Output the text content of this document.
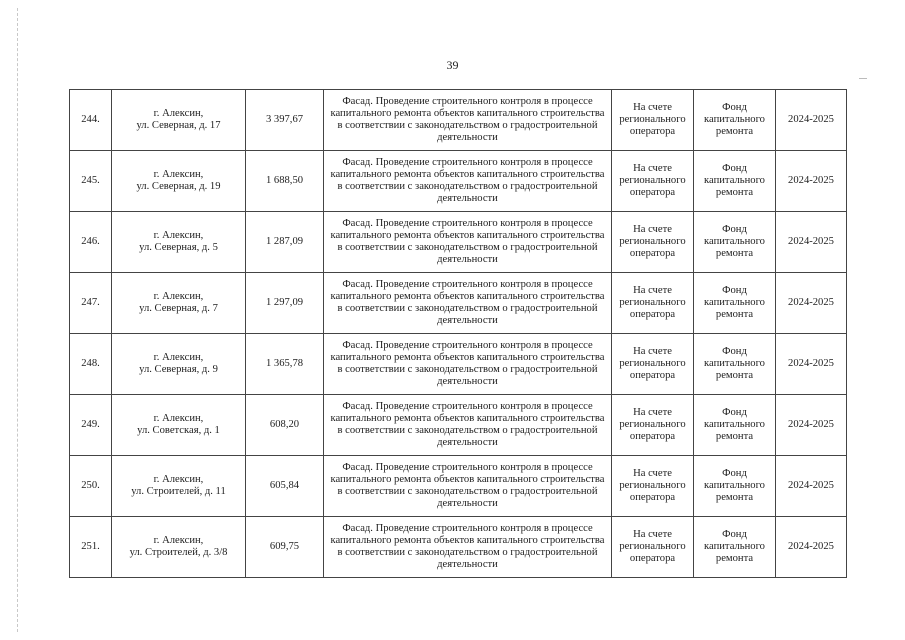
39
244.	г. Алексин,
ул. Северная, д. 17	3 397,67	Фасад. Проведение строительного контроля в процессе капитального ремонта объектов капитального строительства в соответствии с законодательством о градостроительной деятельности	На счете регионального оператора	Фонд капитального ремонта	2024-2025
245.	г. Алексин,
ул. Северная, д. 19	1 688,50	Фасад. Проведение строительного контроля в процессе капитального ремонта объектов капитального строительства в соответствии с законодательством о градостроительной деятельности	На счете регионального оператора	Фонд капитального ремонта	2024-2025
246.	г. Алексин,
ул. Северная, д. 5	1 287,09	Фасад. Проведение строительного контроля в процессе капитального ремонта объектов капитального строительства в соответствии с законодательством о градостроительной деятельности	На счете регионального оператора	Фонд капитального ремонта	2024-2025
247.	г. Алексин,
ул. Северная, д. 7	1 297,09	Фасад. Проведение строительного контроля в процессе капитального ремонта объектов капитального строительства в соответствии с законодательством о градостроительной деятельности	На счете регионального оператора	Фонд капитального ремонта	2024-2025
248.	г. Алексин,
ул. Северная, д. 9	1 365,78	Фасад. Проведение строительного контроля в процессе капитального ремонта объектов капитального строительства в соответствии с законодательством о градостроительной деятельности	На счете регионального оператора	Фонд капитального ремонта	2024-2025
249.	г. Алексин,
ул. Советская, д. 1	608,20	Фасад. Проведение строительного контроля в процессе капитального ремонта объектов капитального строительства в соответствии с законодательством о градостроительной деятельности	На счете регионального оператора	Фонд капитального ремонта	2024-2025
250.	г. Алексин,
ул. Строителей, д. 11	605,84	Фасад. Проведение строительного контроля в процессе капитального ремонта объектов капитального строительства в соответствии с законодательством о градостроительной деятельности	На счете регионального оператора	Фонд капитального ремонта	2024-2025
251.	г. Алексин,
ул. Строителей, д. 3/8	609,75	Фасад. Проведение строительного контроля в процессе капитального ремонта объектов капитального строительства в соответствии с законодательством о градостроительной деятельности	На счете регионального оператора	Фонд капитального ремонта	2024-2025
